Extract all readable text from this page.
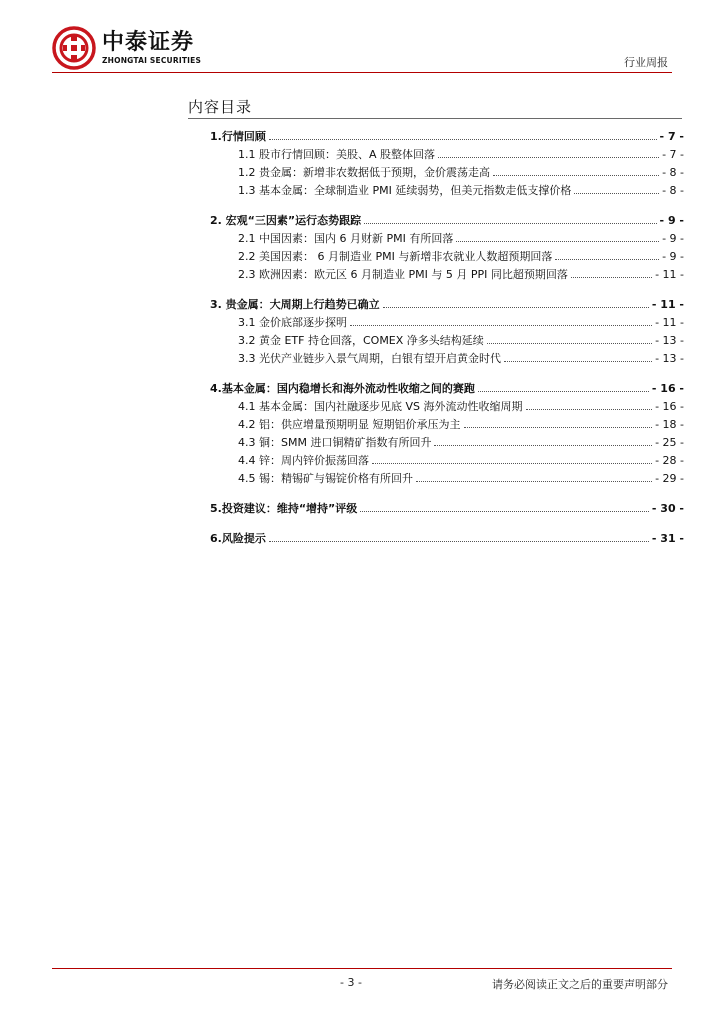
中泰证券
ZHONGTAI SECURITIES	行业周报
内容目录
1.行情回顾	- 7 -
1.1 股市行情回顾：美股、A 股整体回落	- 7 -
1.2 贵金属：新增非农数据低于预期，金价震荡走高	- 8 -
1.3 基本金属：全球制造业 PMI 延续弱势，但美元指数走低支撑价格	- 8 -
2. 宏观“三因素”运行态势跟踪	- 9 -
2.1 中国因素：国内 6 月财新 PMI 有所回落	- 9 -
2.2 美国因素： 6 月制造业 PMI 与新增非农就业人数超预期回落	- 9 -
2.3 欧洲因素：欧元区 6 月制造业 PMI 与 5 月 PPI 同比超预期回落	- 11 -
3. 贵金属：大周期上行趋势已确立	- 11 -
3.1 金价底部逐步探明	- 11 -
3.2 黄金 ETF 持仓回落，COMEX 净多头结构延续	- 13 -
3.3 光伏产业链步入景气周期，白银有望开启黄金时代	- 13 -
4.基本金属：国内稳增长和海外流动性收缩之间的赛跑	- 16 -
4.1 基本金属：国内社融逐步见底 VS 海外流动性收缩周期	- 16 -
4.2 铝：供应增量预期明显 短期铝价承压为主	- 18 -
4.3 铜：SMM 进口铜精矿指数有所回升	- 25 -
4.4 锌：周内锌价振荡回落	- 28 -
4.5 锡：精锡矿与锡锭价格有所回升	- 29 -
5.投资建议：维持“增持”评级	- 30 -
6.风险提示	- 31 -
- 3 -	请务必阅读正文之后的重要声明部分
